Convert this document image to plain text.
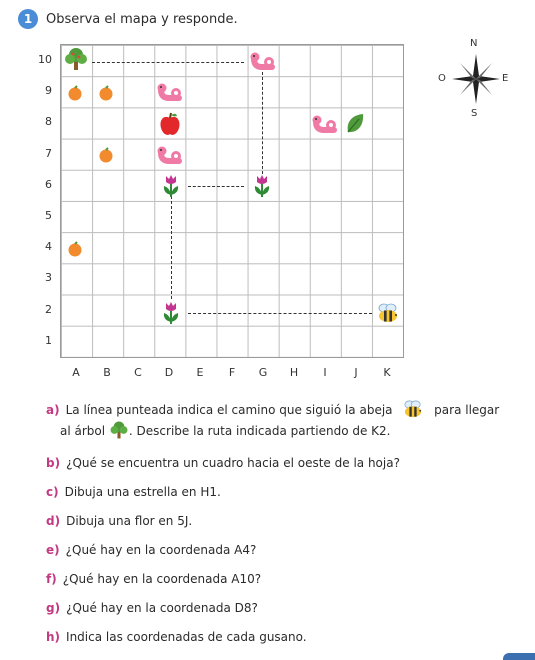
1	Observa el mapa y responde.
10
9
8
7
6
5
4
3
2
1
A	B	C	D	E	F	G	H	I	J	K
N
O	E
S
a) La línea punteada indica el camino que siguió la abeja	para llegar
al árbol . Describe la ruta indicada partiendo de K2.
b) ¿Qué se encuentra un cuadro hacia el oeste de la hoja?
c) Dibuja una estrella en H1.
d) Dibuja una flor en 5J.
e) ¿Qué hay en la coordenada A4?
f) ¿Qué hay en la coordenada A10?
g) ¿Qué hay en la coordenada D8?
h) Indica las coordenadas de cada gusano.
